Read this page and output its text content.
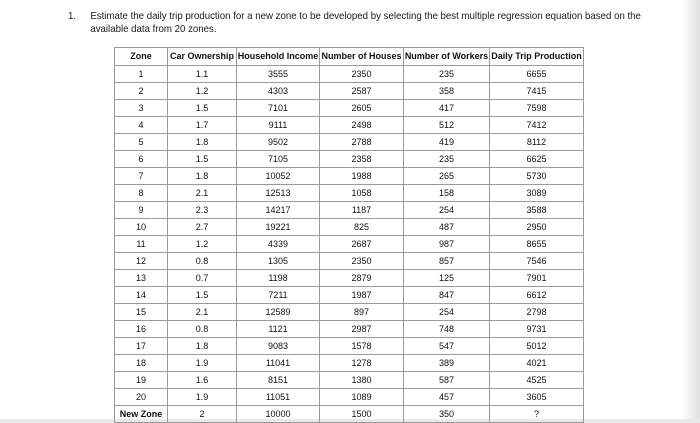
1. Estimate the daily trip production for a new zone to be developed by selecting the best multiple regression equation based on the available data from 20 zones.
Zone	Car Ownership	Household Income	Number of Houses	Number of Workers	Daily Trip Production
1	1.1	3555	2350	235	6655
2	1.2	4303	2587	358	7415
3	1.5	7101	2605	417	7598
4	1.7	9111	2498	512	7412
5	1.8	9502	2788	419	8112
6	1.5	7105	2358	235	6625
7	1.8	10052	1988	265	5730
8	2.1	12513	1058	158	3089
9	2.3	14217	1187	254	3588
10	2.7	19221	825	487	2950
11	1.2	4339	2687	987	8655
12	0.8	1305	2350	857	7546
13	0.7	1198	2879	125	7901
14	1.5	7211	1987	847	6612
15	2.1	12589	897	254	2798
16	0.8	1121	2987	748	9731
17	1.8	9083	1578	547	5012
18	1.9	11041	1278	389	4021
19	1.6	8151	1380	587	4525
20	1.9	11051	1089	457	3605
New Zone	2	10000	1500	350	?
